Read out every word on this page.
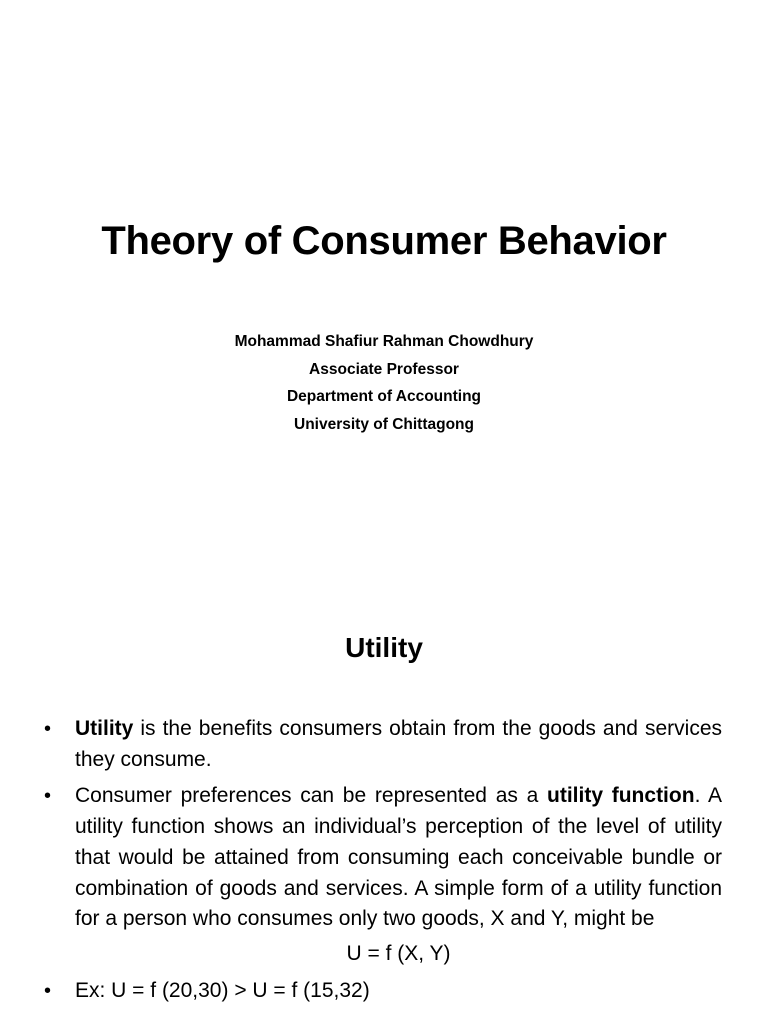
Theory of Consumer Behavior
Mohammad Shafiur Rahman Chowdhury
Associate Professor
Department of Accounting
University of Chittagong
Utility
• Utility is the benefits consumers obtain from the goods and services they consume.
• Consumer preferences can be represented as a utility function. A utility function shows an individual’s perception of the level of utility that would be attained from consuming each conceivable bundle or combination of goods and services. A simple form of a utility function for a person who consumes only two goods, X and Y, might be
U = f (X, Y)
• Ex: U = f (20,30) > U = f (15,32)
